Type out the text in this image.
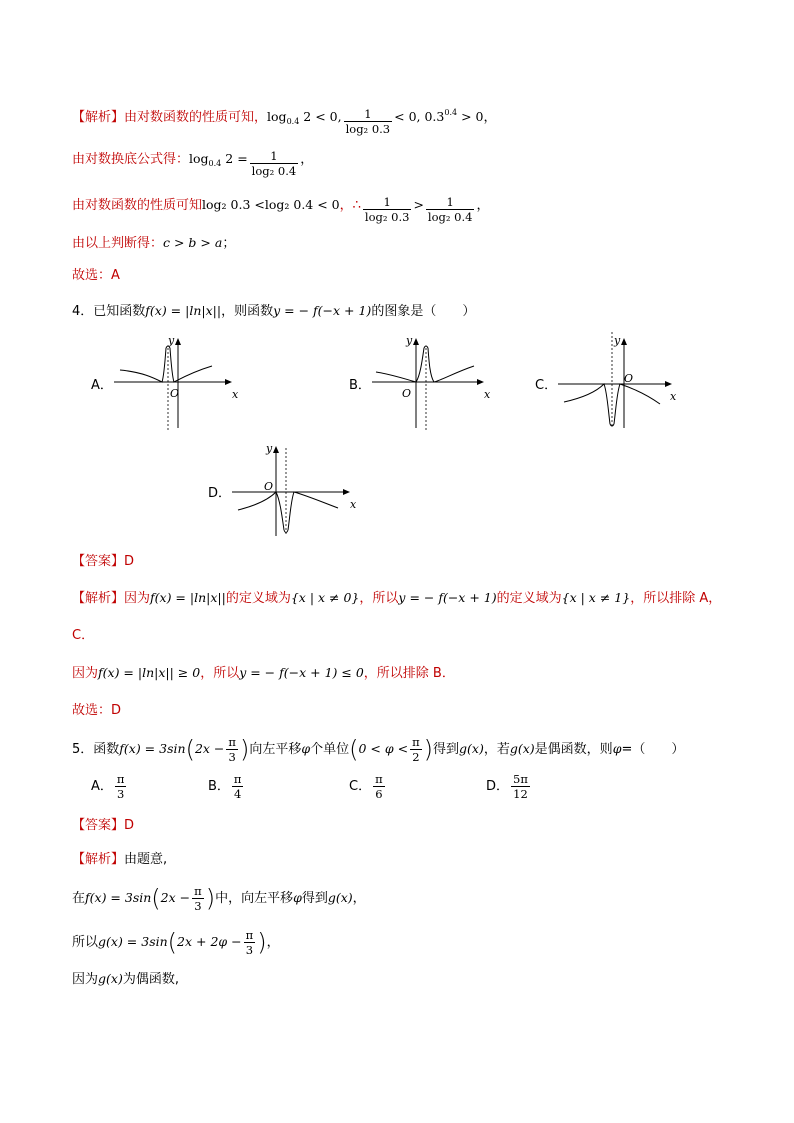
【解析】由对数函数的性质可知，$\log_{0.4} 2 < 0$, $\frac{1}{\text{log₂ 0.3}} < 0$, $0.3^{0.4} > 0$，
由对数换底公式得：$\log_{0.4} 2 = \frac{1}{\text{log₂ 0.4}}$ ，
由对数函数的性质可知log₂ 0.3 <log₂ 0.4 < 0，∴ $\frac{1}{\text{log₂ 0.3}} > \frac{1}{\text{log₂ 0.4}}$ ，
由以上判断得：c > b > a；
故选：A
4．已知函数f(x) = |ln|x||，则函数y = − f(−x + 1)的图象是（　　）
A．
x
y
O
B．
x
y
O
C．
x
y
O
D．
x
y
O
【答案】D
【解析】因为f(x) = |ln|x||的定义域为{x | x ≠ 0}，所以y = − f(−x + 1)的定义域为{x | x ≠ 1}，所以排除 A，
C．
因为f(x) = |ln|x|| ≥ 0，所以y = − f(−x + 1) ≤ 0，所以排除 B．
故选：D
5．函数$f(x) = 3\sin(2x - \frac{\pi}{3}$ )向左平移φ个单位($0 < \varphi < \frac{\pi}{2}$ )得到g(x)，若g(x)是偶函数，则φ=（　　）
A． $\frac{\pi}{3}$	B． $\frac{\pi}{4}$	C． $\frac{\pi}{6}$	D． $\frac{5\pi}{12}$
【答案】D
【解析】由题意,
在$f(x) = 3\sin(2x - \frac{\pi}{3}$ )中，向左平移φ得到g(x)，
所以$g(x) = 3\sin(2x + 2\varphi - \frac{\pi}{3}$ )，
因为g(x)为偶函数,
